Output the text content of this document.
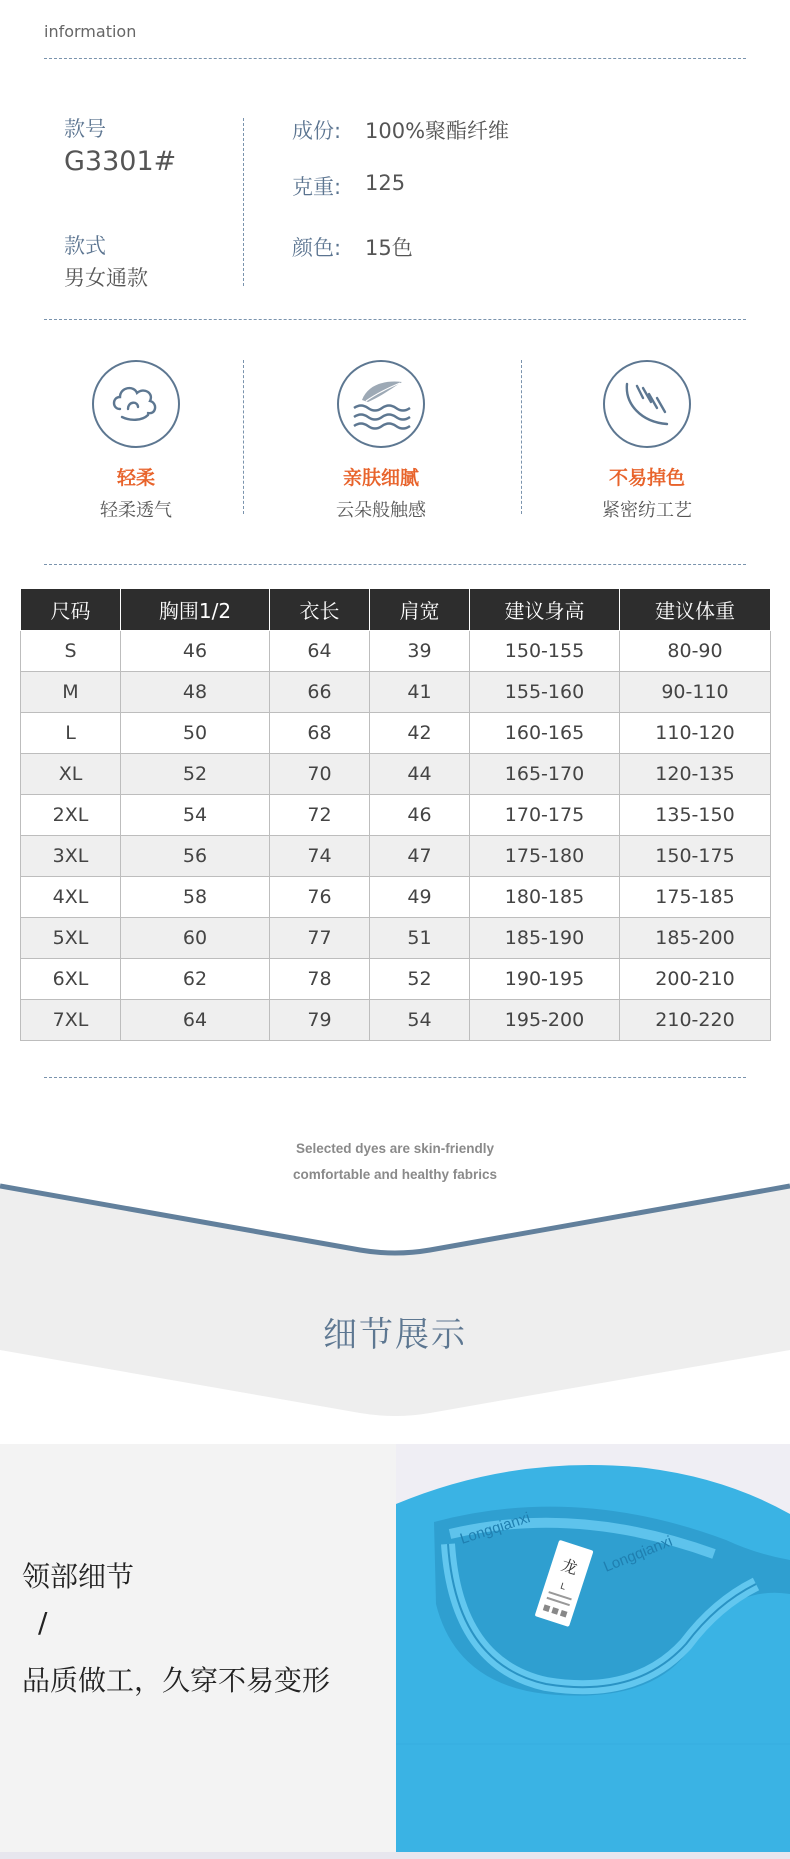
information
款号
G3301#
款式
男女通款
成份:	100%聚酯纤维
克重:	125
颜色:	15色
轻柔
轻柔透气
亲肤细腻
云朵般触感
不易掉色
紧密纺工艺
尺码	胸围1/2	衣长	肩宽	建议身高	建议体重
S	46	64	39	150-155	80-90
M	48	66	41	155-160	90-110
L	50	68	42	160-165	110-120
XL	52	70	44	165-170	120-135
2XL	54	72	46	170-175	135-150
3XL	56	74	47	175-180	150-175
4XL	58	76	49	180-185	175-185
5XL	60	77	51	185-190	185-200
6XL	62	78	52	190-195	200-210
7XL	64	79	54	195-200	210-220
Selected dyes are skin-friendly
comfortable and healthy fabrics
细节展示
领部细节
/
品质做工，久穿不易变形
Longqianxi
Longqianxi
龙
L
